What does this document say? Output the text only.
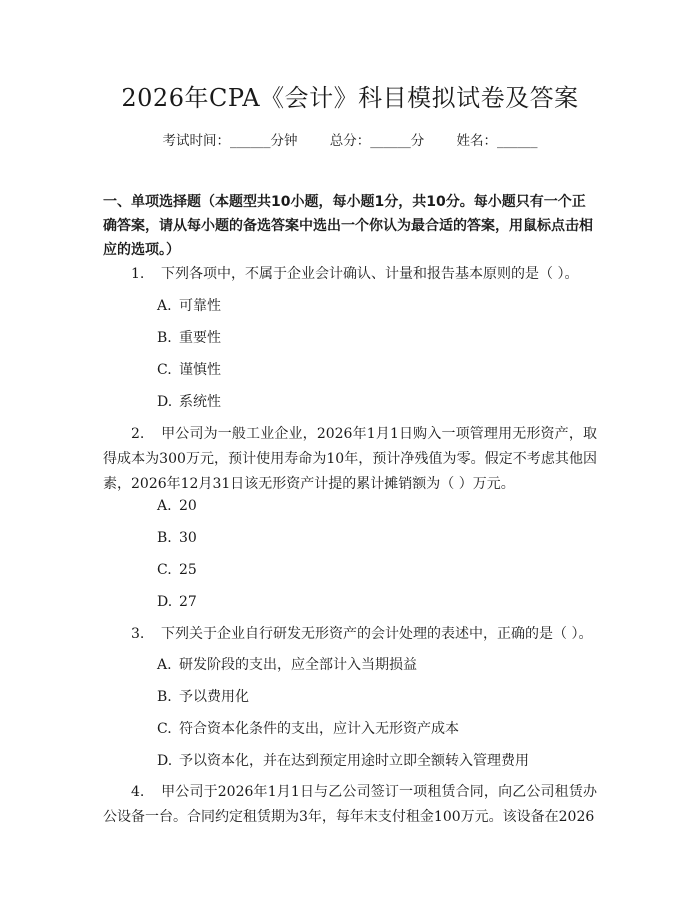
2026年CPA《会计》科目模拟试卷及答案
考试时间：______分钟 总分：______分 姓名：______
一、单项选择题（本题型共10小题，每小题1分，共10分。每小题只有一个正确答案，请从每小题的备选答案中选出一个你认为最合适的答案，用鼠标点击相应的选项。）
1. 下列各项中，不属于企业会计确认、计量和报告基本原则的是（ ）。
A. 可靠性
B. 重要性
C. 谨慎性
D. 系统性
2. 甲公司为一般工业企业，2026年1月1日购入一项管理用无形资产，取得成本为300万元，预计使用寿命为10年，预计净残值为零。假定不考虑其他因素，2026年12月31日该无形资产计提的累计摊销额为（ ）万元。
A. 20
B. 30
C. 25
D. 27
3. 下列关于企业自行研发无形资产的会计处理的表述中，正确的是（ ）。
A. 研发阶段的支出，应全部计入当期损益
B. 予以费用化
C. 符合资本化条件的支出，应计入无形资产成本
D. 予以资本化，并在达到预定用途时立即全额转入管理费用
4. 甲公司于2026年1月1日与乙公司签订一项租赁合同，向乙公司租赁办公设备一台。合同约定租赁期为3年，每年末支付租金100万元。该设备在2026
